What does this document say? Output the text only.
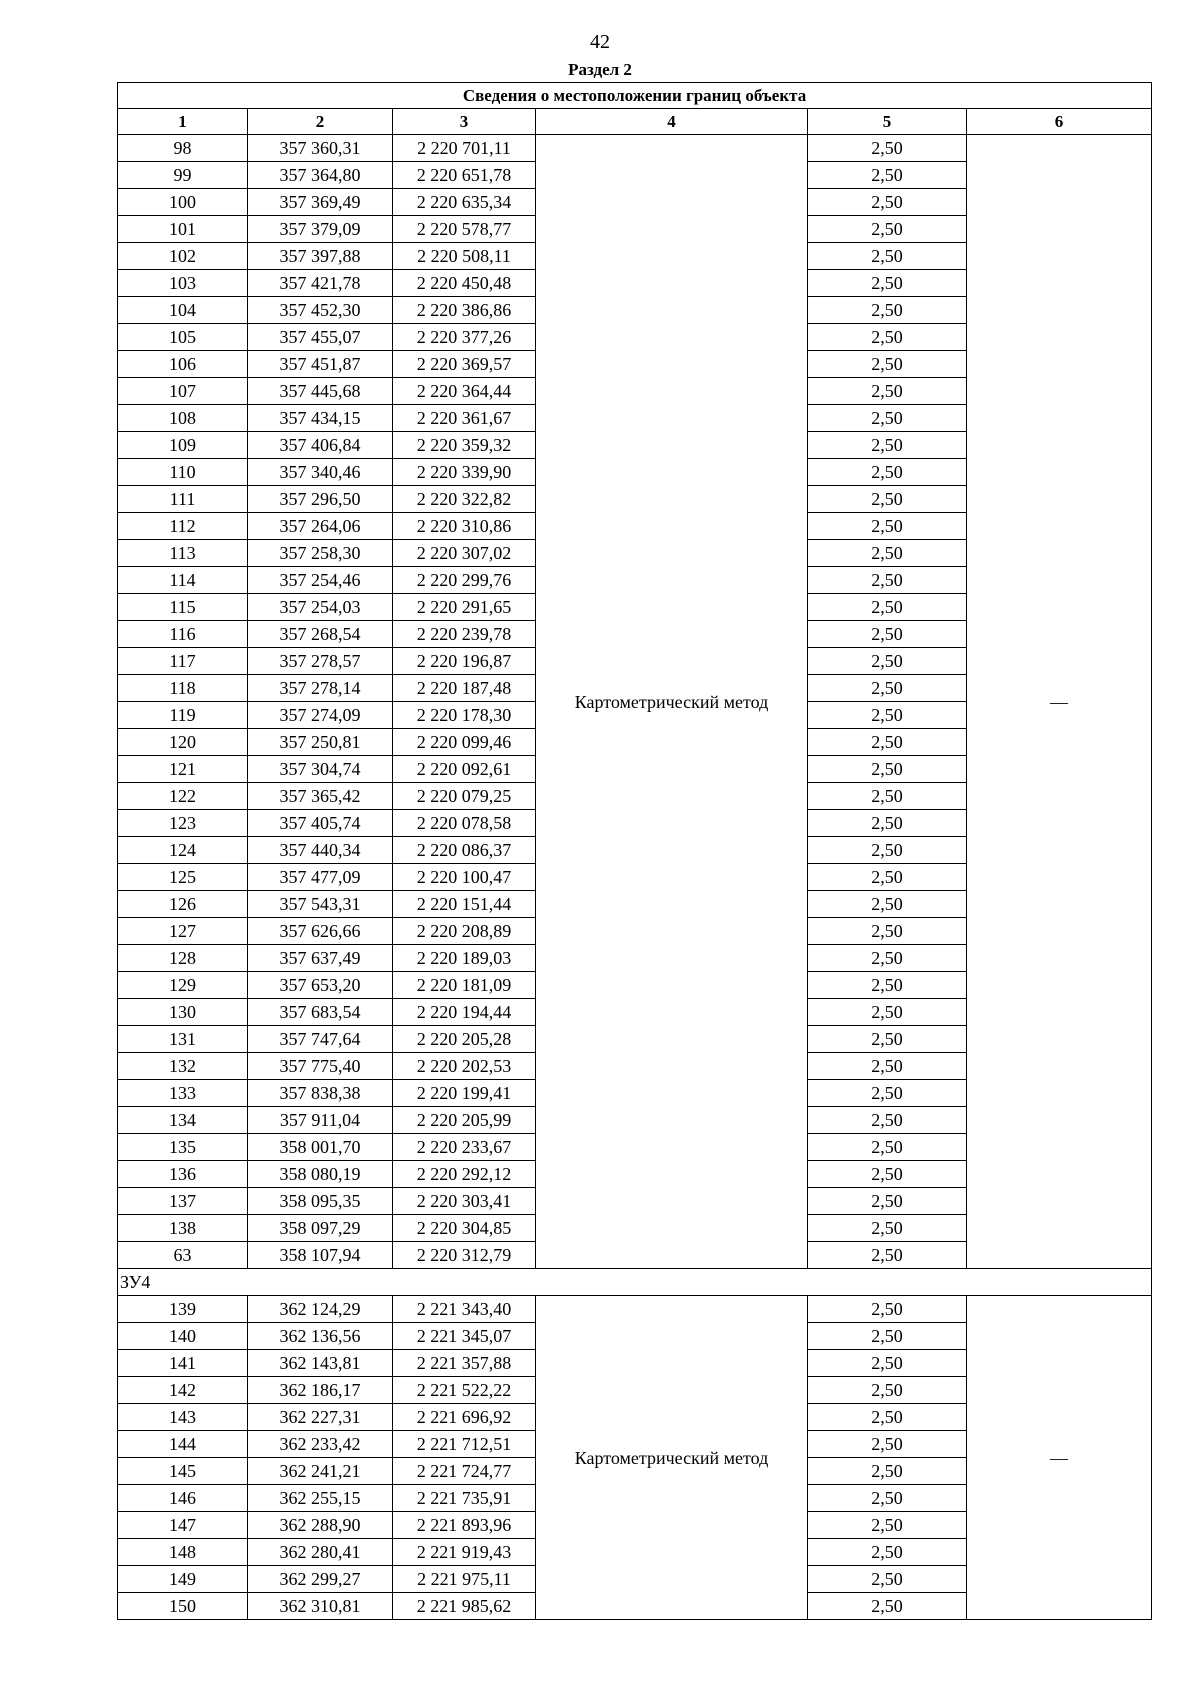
42
Раздел 2
Сведения о местоположении границ объекта					
1	2	3	4	5	6
98	357 360,31	2 220 701,11	Картометрический метод	2,50	—
99	357 364,80	2 220 651,78		2,50	
100	357 369,49	2 220 635,34		2,50	
101	357 379,09	2 220 578,77		2,50	
102	357 397,88	2 220 508,11		2,50	
103	357 421,78	2 220 450,48		2,50	
104	357 452,30	2 220 386,86		2,50	
105	357 455,07	2 220 377,26		2,50	
106	357 451,87	2 220 369,57		2,50	
107	357 445,68	2 220 364,44		2,50	
108	357 434,15	2 220 361,67		2,50	
109	357 406,84	2 220 359,32		2,50	
110	357 340,46	2 220 339,90		2,50	
111	357 296,50	2 220 322,82		2,50	
112	357 264,06	2 220 310,86		2,50	
113	357 258,30	2 220 307,02		2,50	
114	357 254,46	2 220 299,76		2,50	
115	357 254,03	2 220 291,65		2,50	
116	357 268,54	2 220 239,78		2,50	
117	357 278,57	2 220 196,87		2,50	
118	357 278,14	2 220 187,48		2,50	
119	357 274,09	2 220 178,30		2,50	
120	357 250,81	2 220 099,46		2,50	
121	357 304,74	2 220 092,61		2,50	
122	357 365,42	2 220 079,25		2,50	
123	357 405,74	2 220 078,58		2,50	
124	357 440,34	2 220 086,37		2,50	
125	357 477,09	2 220 100,47		2,50	
126	357 543,31	2 220 151,44		2,50	
127	357 626,66	2 220 208,89		2,50	
128	357 637,49	2 220 189,03		2,50	
129	357 653,20	2 220 181,09		2,50	
130	357 683,54	2 220 194,44		2,50	
131	357 747,64	2 220 205,28		2,50	
132	357 775,40	2 220 202,53		2,50	
133	357 838,38	2 220 199,41		2,50	
134	357 911,04	2 220 205,99		2,50	
135	358 001,70	2 220 233,67		2,50	
136	358 080,19	2 220 292,12		2,50	
137	358 095,35	2 220 303,41		2,50	
138	358 097,29	2 220 304,85		2,50	
63	358 107,94	2 220 312,79		2,50	
ЗУ4					
139	362 124,29	2 221 343,40	Картометрический метод	2,50	—
140	362 136,56	2 221 345,07		2,50	
141	362 143,81	2 221 357,88		2,50	
142	362 186,17	2 221 522,22		2,50	
143	362 227,31	2 221 696,92		2,50	
144	362 233,42	2 221 712,51		2,50	
145	362 241,21	2 221 724,77		2,50	
146	362 255,15	2 221 735,91		2,50	
147	362 288,90	2 221 893,96		2,50	
148	362 280,41	2 221 919,43		2,50	
149	362 299,27	2 221 975,11		2,50	
150	362 310,81	2 221 985,62		2,50	
